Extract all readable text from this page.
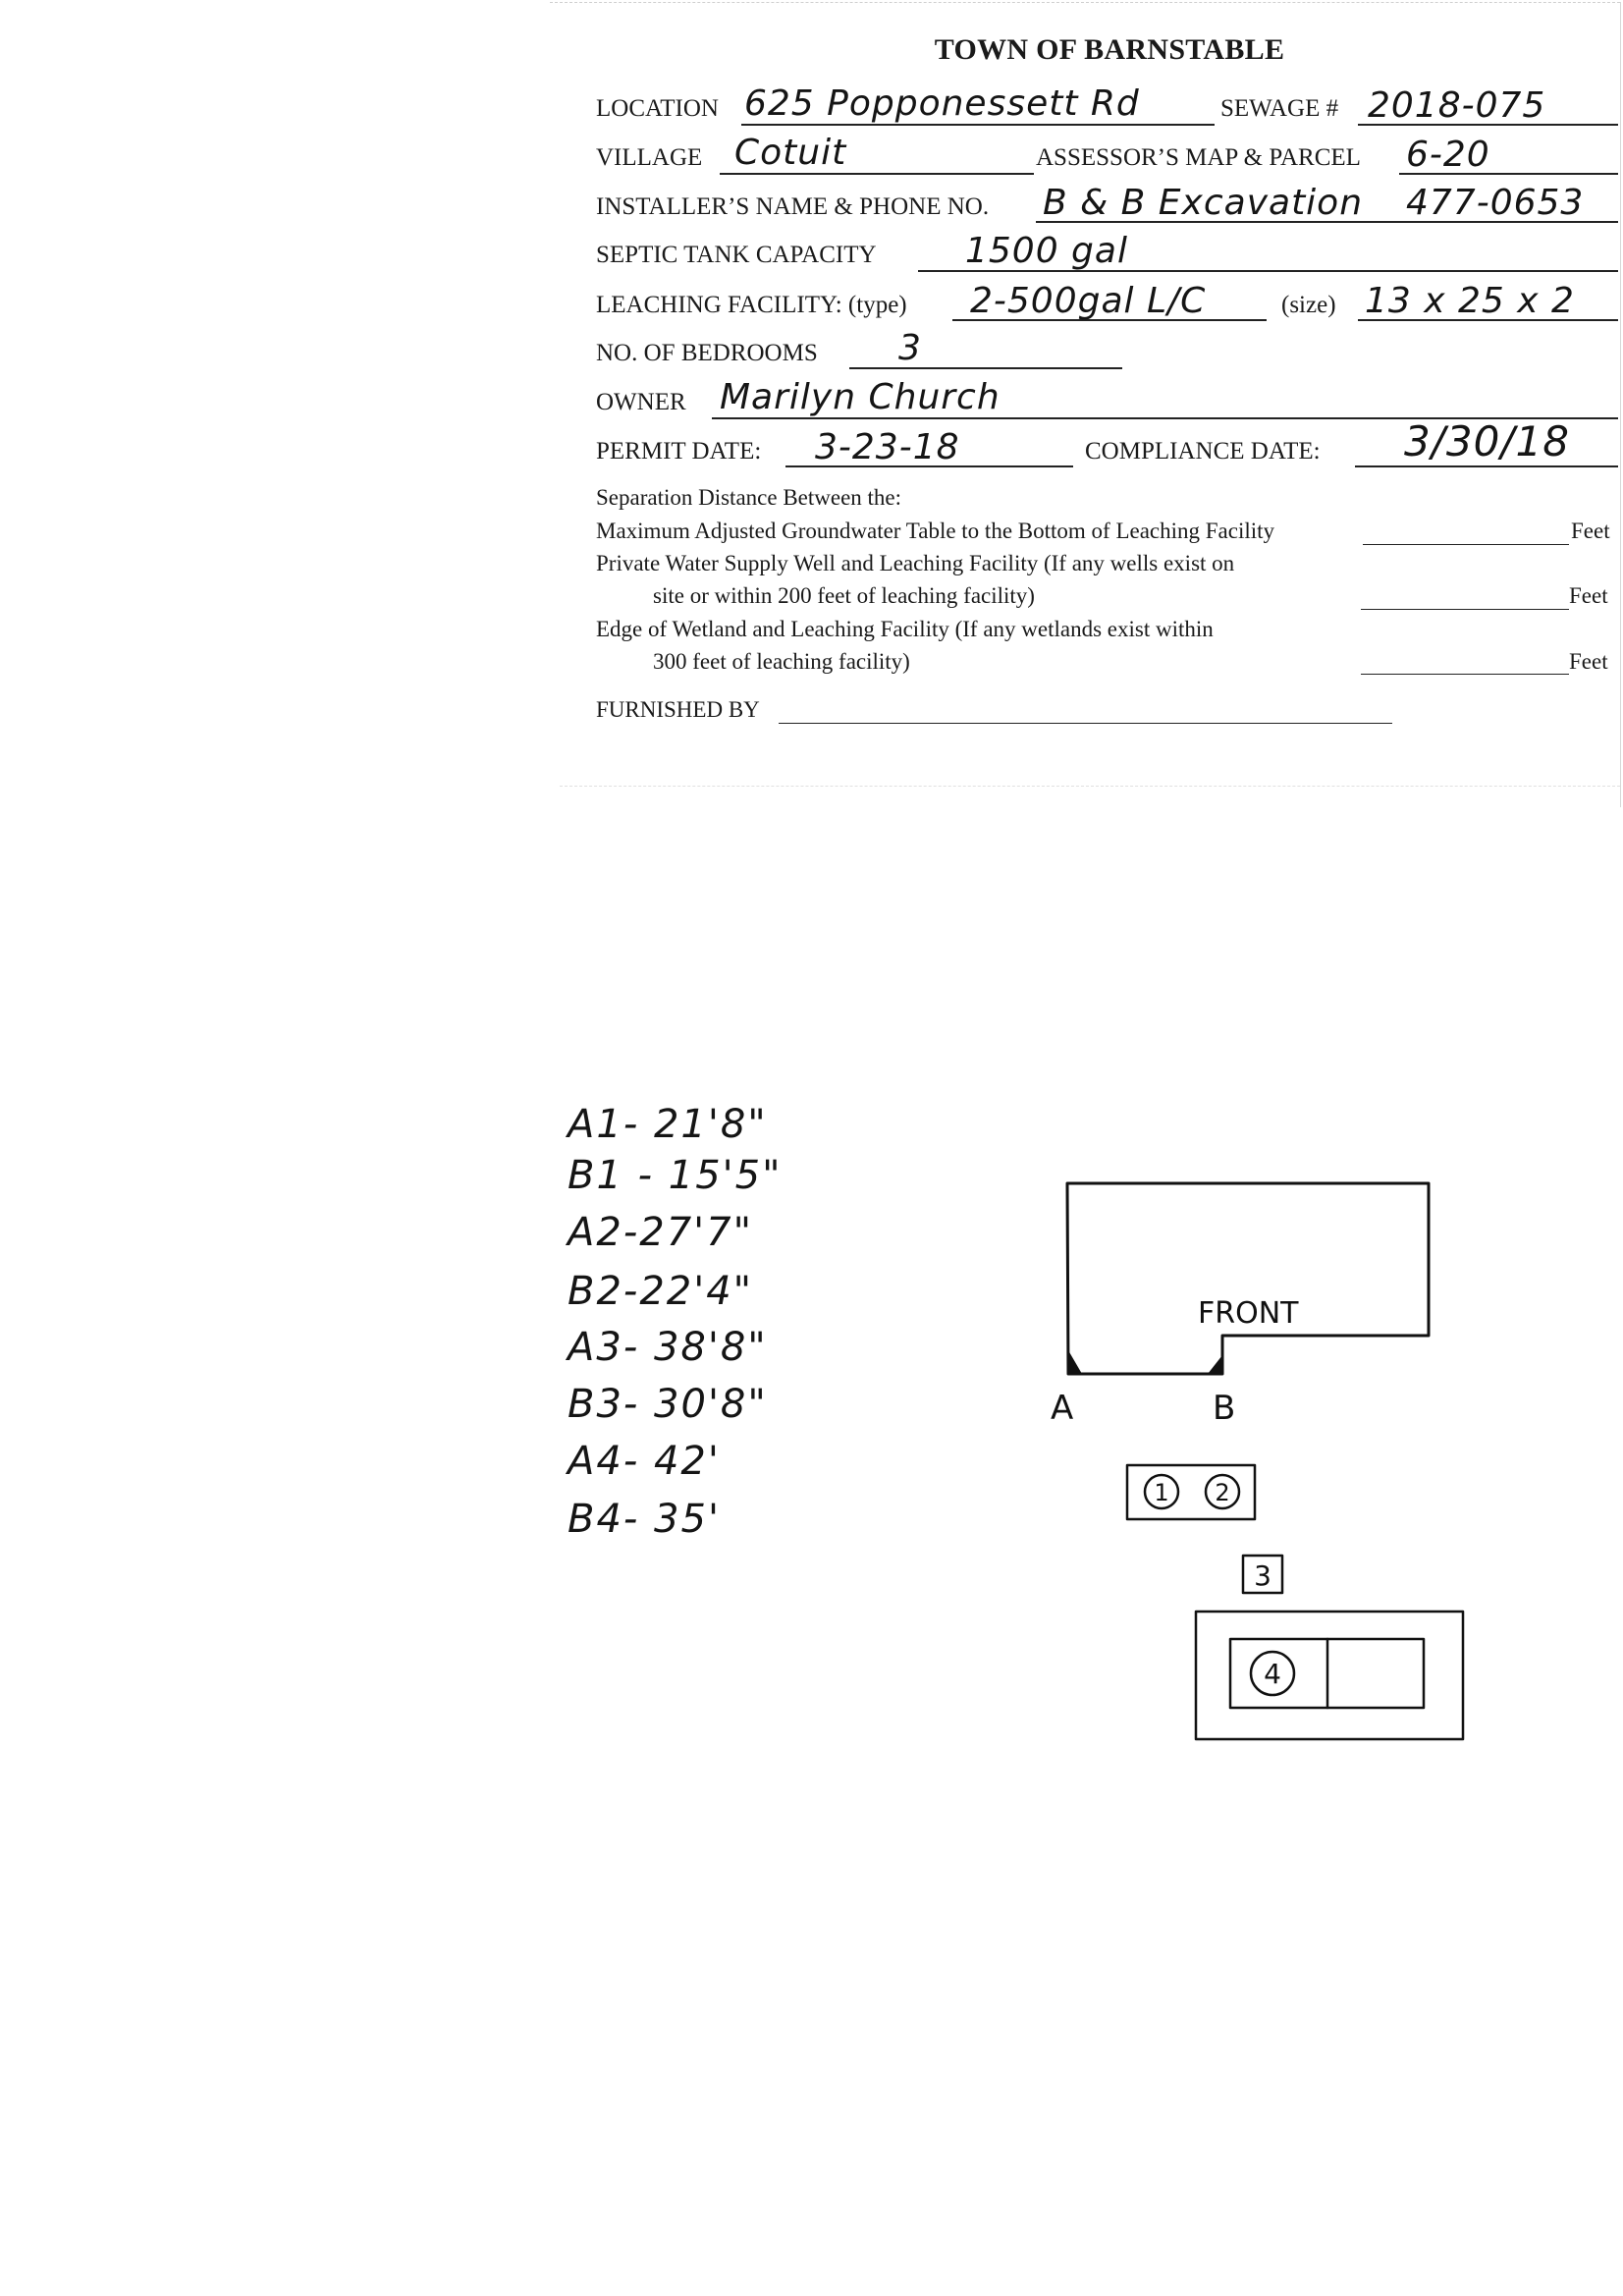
TOWN OF BARNSTABLE
LOCATION 625 Popponessett Rd	SEWAGE # 2018-075
VILLAGE Cotuit	ASSESSOR’S MAP & PARCEL 6-20
INSTALLER’S NAME & PHONE NO. B & B Excavation 477-0653
SEPTIC TANK CAPACITY	1500 gal
LEACHING FACILITY: (type) 2-500gal L/C	(size) 13 x 25 x 2
NO. OF BEDROOMS 3
OWNER Marilyn Church
PERMIT DATE: 3-23-18	COMPLIANCE DATE: 3/30/18
Separation Distance Between the:
Maximum Adjusted Groundwater Table to the Bottom of Leaching Facility	Feet
Private Water Supply Well and Leaching Facility (If any wells exist on
site or within 200 feet of leaching facility)	Feet
Edge of Wetland and Leaching Facility (If any wetlands exist within
300 feet of leaching facility)	Feet
FURNISHED BY
A1- 21'8"
B1 - 15'5"
A2-27'7"
B2-22'4"
A3- 38'8"
B3- 30'8"
A4- 42'
B4- 35'
FRONT
A	B
1 2
3
4
